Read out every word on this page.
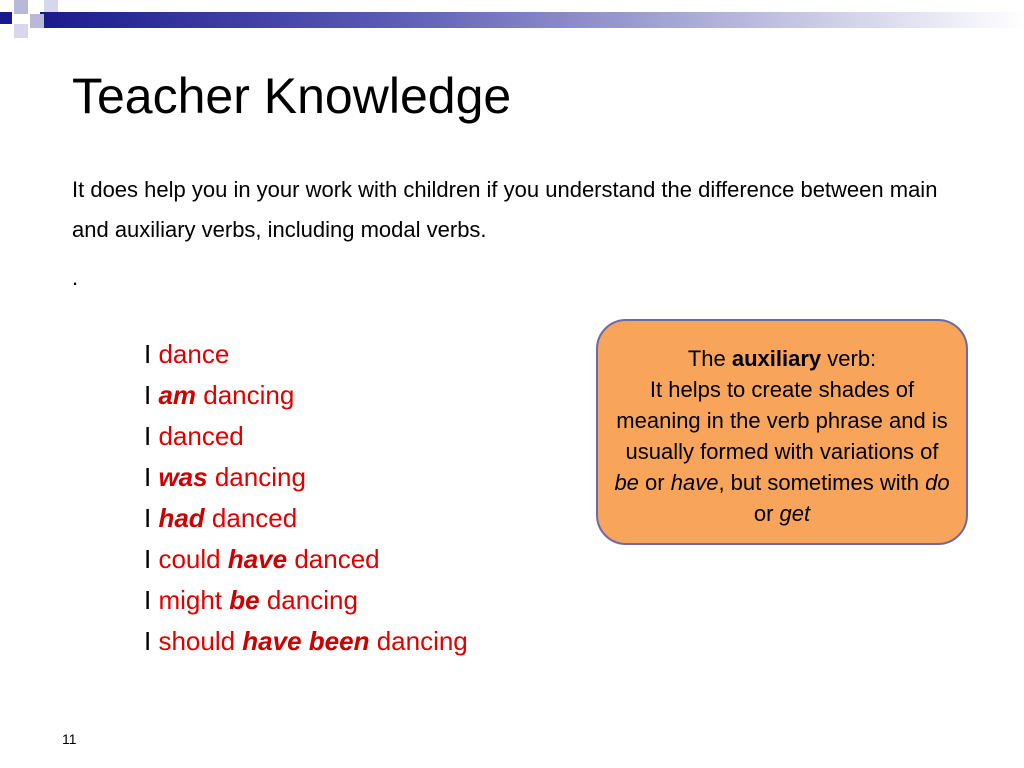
Teacher Knowledge

It does help you in your work with children if you understand the difference between main and auxiliary verbs, including modal verbs.

.
I dance
I am dancing
I danced
I was dancing
I had danced
I could have danced
I might be dancing
I should have been dancing

The auxiliary verb:

It helps to create shades of meaning in the verb phrase and is usually formed with variations of be or have, but sometimes with do or get

11
